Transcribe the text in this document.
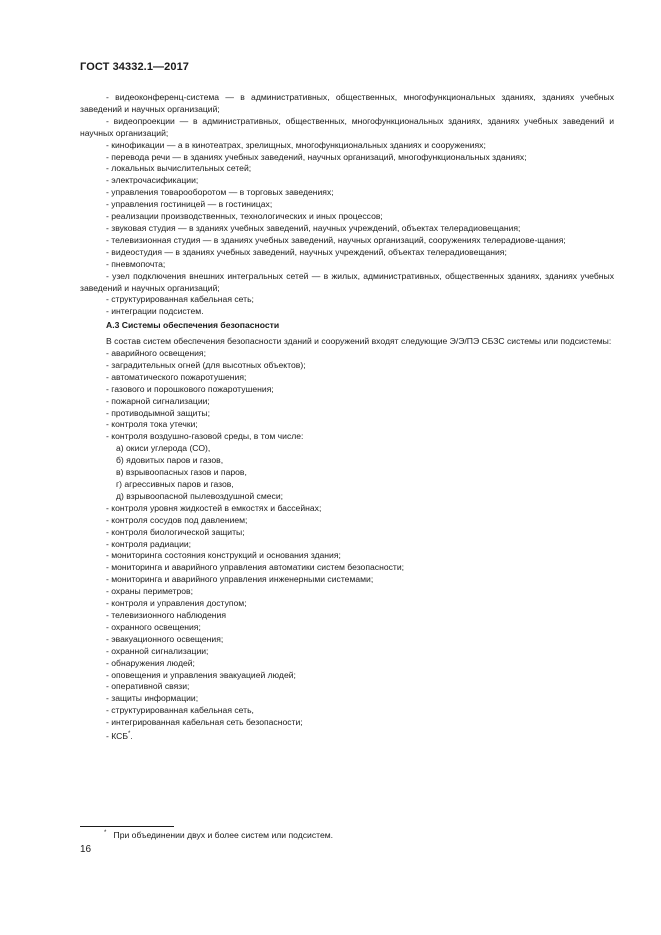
ГОСТ 34332.1—2017
- видеоконференц-система — в административных, общественных, многофункциональных зданиях, зданиях учебных заведений и научных организаций;
- видеопроекции — в административных, общественных, многофункциональных зданиях, зданиях учебных заведений и научных организаций;
- кинофикации — а в кинотеатрах, зрелищных, многофункциональных зданиях и сооружениях;
- перевода речи — в зданиях учебных заведений, научных организаций, многофункциональных зданиях;
- локальных вычислительных сетей;
- электрочасификации;
- управления товарооборотом — в торговых заведениях;
- управления гостиницей — в гостиницах;
- реализации производственных, технологических и иных процессов;
- звуковая студия — в зданиях учебных заведений, научных учреждений, объектах телерадиовещания;
- телевизионная студия — в зданиях учебных заведений, научных организаций, сооружениях телерадиове-щания;
- видеостудия — в зданиях учебных заведений, научных учреждений, объектах телерадиовещания;
- пневмопочта;
- узел подключения внешних интегральных сетей — в жилых, административных, общественных зданиях, зданиях учебных заведений и научных организаций;
- структурированная кабельная сеть;
- интеграции подсистем.
А.3 Системы обеспечения безопасности
В состав систем обеспечения безопасности зданий и сооружений входят следующие Э/Э/ПЭ СБЗС системы или подсистемы:
- аварийного освещения;
- заградительных огней (для высотных объектов);
- автоматического пожаротушения;
- газового и порошкового пожаротушения;
- пожарной сигнализации;
- противодымной защиты;
- контроля тока утечки;
- контроля воздушно-газовой среды, в том числе:
а) окиси углерода (СО),
б) ядовитых паров и газов,
в) взрывоопасных газов и паров,
г) агрессивных паров и газов,
д) взрывоопасной пылевоздушной смеси;
- контроля уровня жидкостей в емкостях и бассейнах;
- контроля сосудов под давлением;
- контроля биологической защиты;
- контроля радиации;
- мониторинга состояния конструкций и основания здания;
- мониторинга и аварийного управления автоматики систем безопасности;
- мониторинга и аварийного управления инженерными системами;
- охраны периметров;
- контроля и управления доступом;
- телевизионного наблюдения
- охранного освещения;
- эвакуационного освещения;
- охранной сигнализации;
- обнаружения людей;
- оповещения и управления эвакуацией людей;
- оперативной связи;
- защиты информации;
- структурированная кабельная сеть,
- интегрированная кабельная сеть безопасности;
- КСБ*.
* При объединении двух и более систем или подсистем.
16
